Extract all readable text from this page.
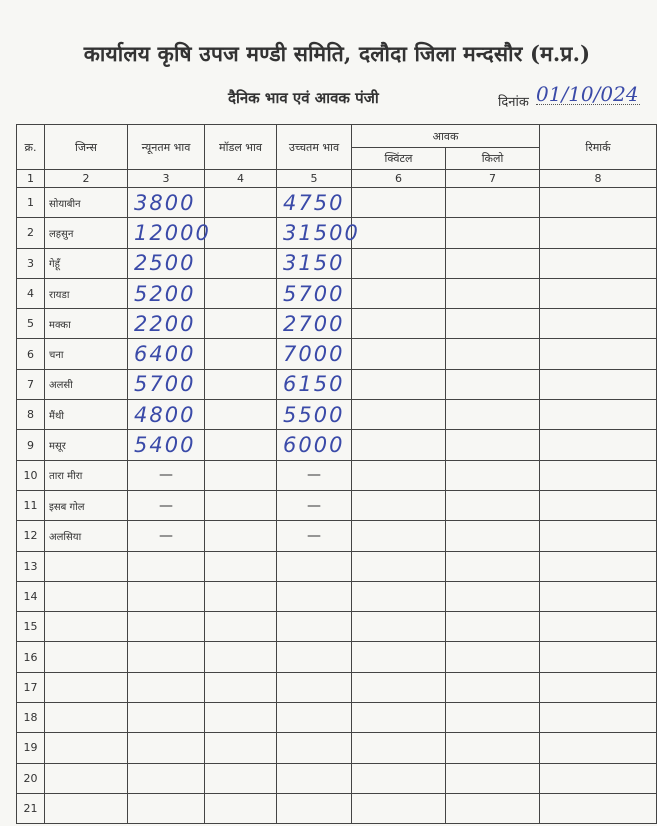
कार्यालय कृषि उपज मण्डी समिति, दलौदा जिला मन्दसौर (म.प्र.)
दैनिक भाव एवं आवक पंजी	दिनांक 01/10/024
क्र.	जिन्स	न्यूनतम भाव	मॉडल भाव	उच्चतम भाव	आवक		रिमार्क
					क्विंटल	किलो	
1	2	3	4	5	6	7	8
1	सोयाबीन	3800		4750			
2	लहसुन	12000		31500			
3	गेहूँ	2500		3150			
4	रायडा	5200		5700			
5	मक्का	2200		2700			
6	चना	6400		7000			
7	अलसी	5700		6150			
8	मैंथी	4800		5500			
9	मसूर	5400		6000			
10	तारा मीरा	—		—			
11	इसब गोल	—		—			
12	अलसिया	—		—			
13							
14							
15							
16							
17							
18							
19							
20							
21							
